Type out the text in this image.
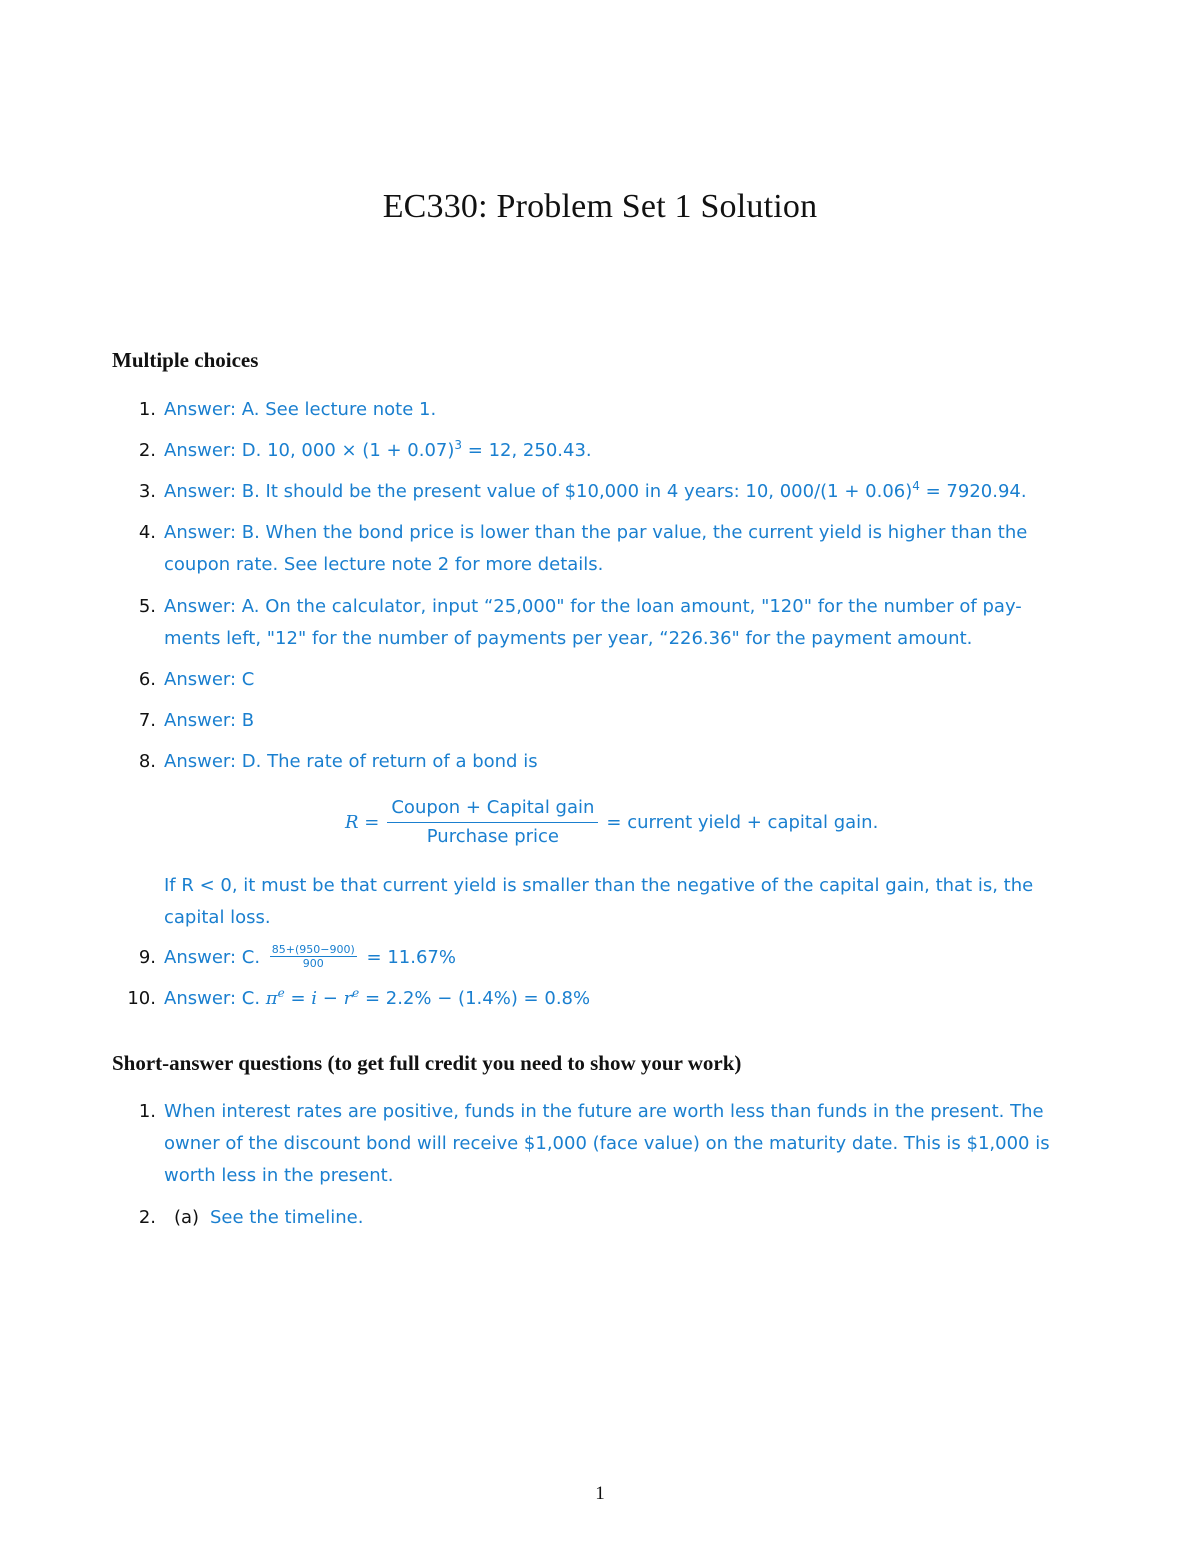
EC330: Problem Set 1 Solution
Multiple choices
1. Answer: A. See lecture note 1.
2. Answer: D. 10, $000 \times (1 + 0.07)^3 = 12$, 250.43.
3. Answer: B. It should be the present value of $10,000 in 4 years: 10, $000/(1 + 0.06)^4 = 7920.94$.
4. Answer: B. When the bond price is lower than the par value, the current yield is higher than the
coupon rate. See lecture note 2 for more details.
5. Answer: A. On the calculator, input “25,000" for the loan amount, "120" for the number of pay-
ments left, "12" for the number of payments per year, “226.36" for the payment amount.
6. Answer: C
7. Answer: B
8. Answer: D. The rate of return of a bond is
$R = \frac{\text{Coupon + Capital gain}}{\text{Purchase price}}$ = current yield + capital gain.
If R < 0, it must be that current yield is smaller than the negative of the capital gain, that is, the
capital loss.
9. Answer: C. $\frac{85+(950-900)}{900} = 11.67\%$
10. Answer: C. $\pi^e = i - r^e = 2.2\% - (1.4\%) = 0.8\%$
Short-answer questions (to get full credit you need to show your work)
1. When interest rates are positive, funds in the future are worth less than funds in the present. The
owner of the discount bond will receive $1,000 (face value) on the maturity date. This is $1,000 is
worth less in the present.
2. (a) See the timeline.
1
